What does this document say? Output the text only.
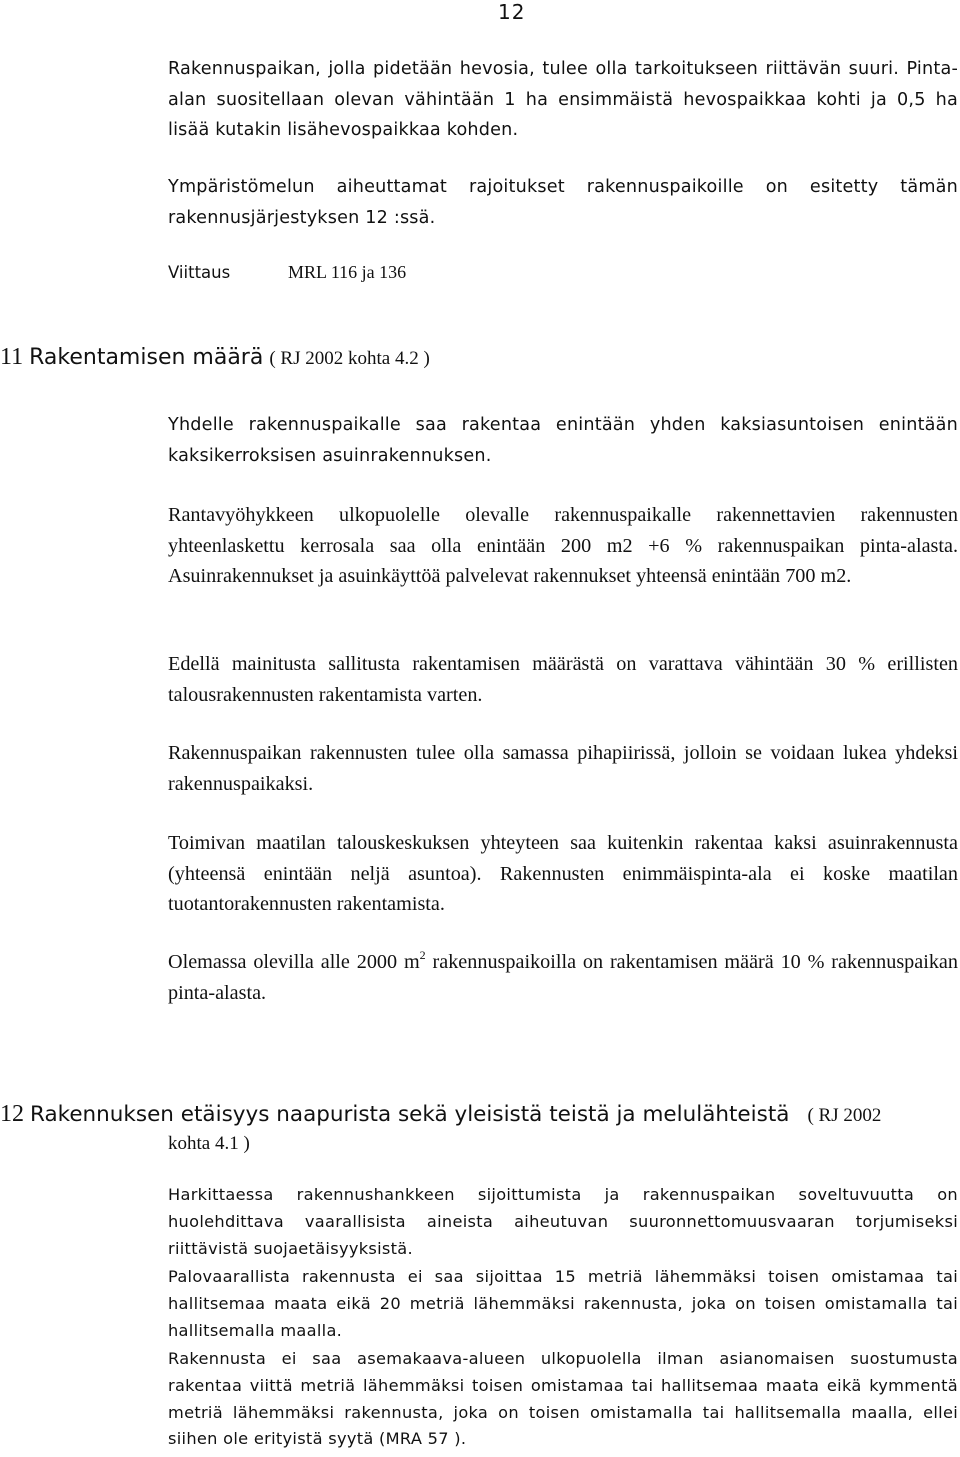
12

Rakennuspaikan, jolla pidetään hevosia, tulee olla tarkoitukseen riittävän suuri. Pinta-alan suositellaan olevan vähintään 1 ha ensimmäistä hevospaikkaa kohti ja 0,5 ha lisää kutakin lisähevospaikkaa kohden.

Ympäristömelun aiheuttamat rajoitukset rakennuspaikoille on esitetty tämän rakennusjärjestyksen 12 :ssä.

Viittaus	MRL 116 ja 136
11 Rakentamisen määrä ( RJ 2002 kohta 4.2 )

Yhdelle rakennuspaikalle saa rakentaa enintään yhden kaksiasuntoisen enintään kaksikerroksisen asuinrakennuksen.

Rantavyöhykkeen ulkopuolelle olevalle rakennuspaikalle rakennettavien rakennusten yhteenlaskettu kerrosala saa olla enintään 200 m2 +6 % rakennuspaikan pinta-alasta. Asuinrakennukset ja asuinkäyttöä palvelevat rakennukset yhteensä enintään 700 m2.

Edellä mainitusta sallitusta rakentamisen määrästä on varattava vähintään 30 % erillisten talousrakennusten rakentamista varten.

Rakennuspaikan rakennusten tulee olla samassa pihapiirissä, jolloin se voidaan lukea yhdeksi rakennuspaikaksi.

Toimivan maatilan talouskeskuksen yhteyteen saa kuitenkin rakentaa kaksi asuinrakennusta (yhteensä enintään neljä asuntoa). Rakennusten enimmäispinta-ala ei koske maatilan tuotantorakennusten rakentamista.

Olemassa olevilla alle 2000 $m^2$ rakennuspaikoilla on rakentamisen määrä 10 % rakennuspaikan pinta-alasta.

12 Rakennuksen etäisyys naapurista sekä yleisistä teistä ja melulähteistä ( RJ 2002
kohta 4.1 )

Harkittaessa rakennushankkeen sijoittumista ja rakennuspaikan soveltuvuutta on huolehdittava vaarallisista aineista aiheutuvan suuronnettomuusvaaran torjumiseksi riittävistä suojaetäisyyksistä.

Palovaarallista rakennusta ei saa sijoittaa 15 metriä lähemmäksi toisen omistamaa tai hallitsemaa maata eikä 20 metriä lähemmäksi rakennusta, joka on toisen omistamalla tai hallitsemalla maalla.

Rakennusta ei saa asemakaava-alueen ulkopuolella ilman asianomaisen suostumusta rakentaa viittä metriä lähemmäksi toisen omistamaa tai hallitsemaa maata eikä kymmentä metriä lähemmäksi rakennusta, joka on toisen omistamalla tai hallitsemalla maalla, ellei siihen ole erityistä syytä (MRA 57 ).
